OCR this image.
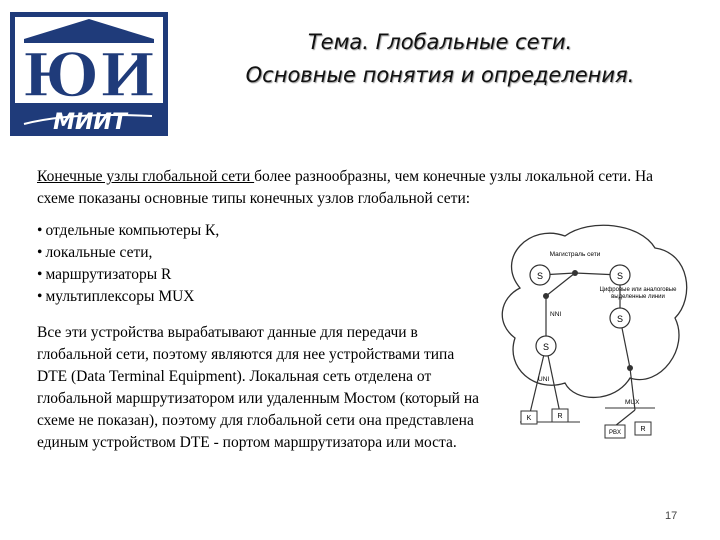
ЮИ
МИИТ
Тема. Глобальные сети.
Основные понятия и определения.

Конечные узлы глобальной сети более разнообразны, чем конечные узлы локальной сети. На схеме показаны основные типы конечных узлов глобальной сети:

• отдельные компьютеры К,
• локальные сети,
• маршрутизаторы R
• мультиплексоры MUX

Все эти устройства вырабатывают данные для передачи в глобальной сети, поэтому являются для нее устройствами типа DTE (Data Terminal Equipment). Локальная сеть отделена от глобальной маршрутизатором или удаленным Мостом (который на схеме не показан), поэтому для глобальной сети она представлена единым устройством DTE - портом маршрутизатора или моста.

S	S
S
S
Магистраль сети
Цифровые или аналоговые
выделенные линии
NNI
UNI
MUX
K	R
PBX	R
17
